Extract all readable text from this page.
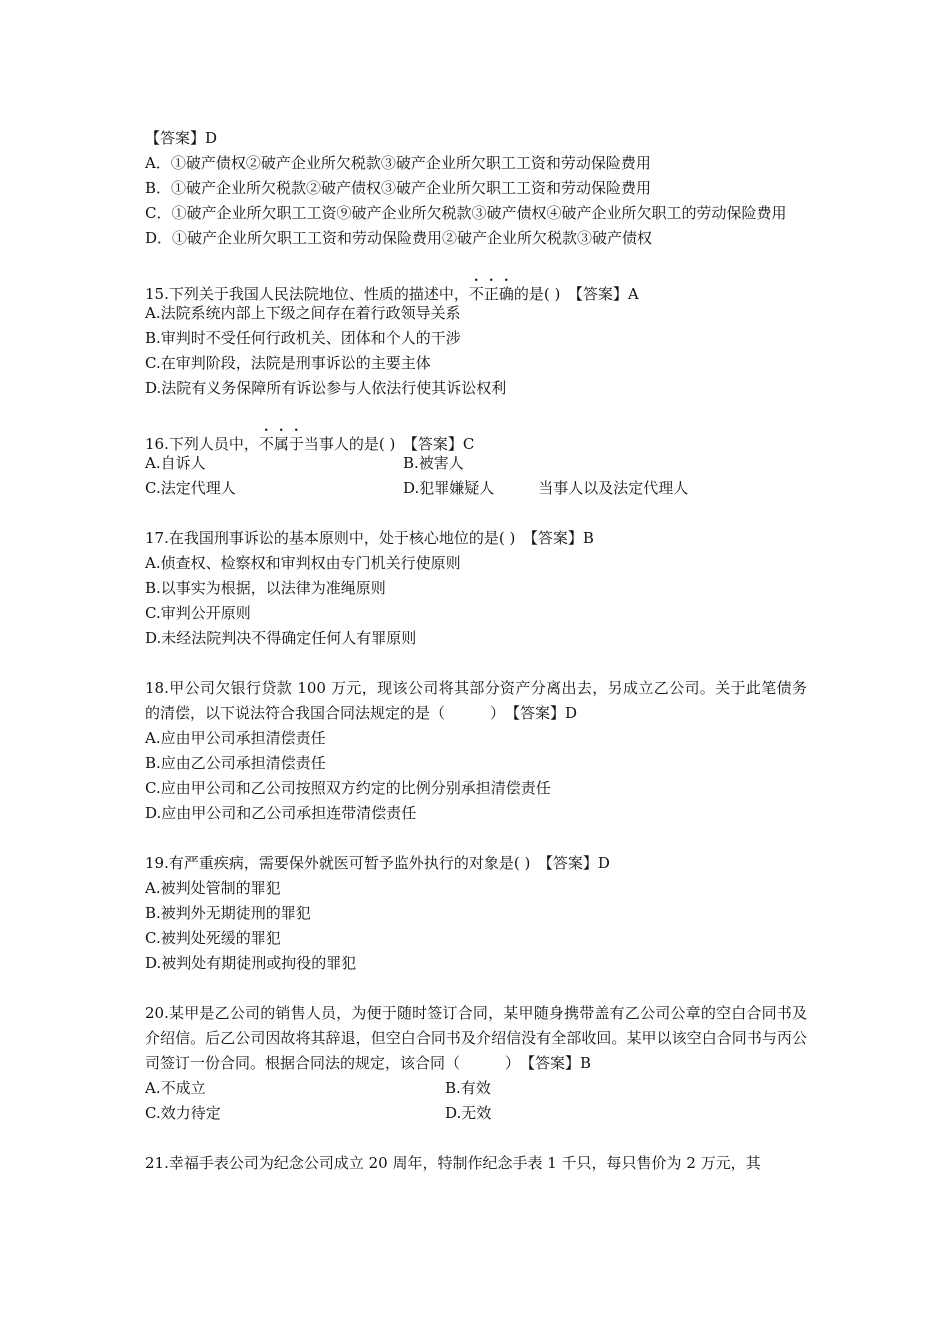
【答案】D
A．①破产债权②破产企业所欠税款③破产企业所欠职工工资和劳动保险费用
B．①破产企业所欠税款②破产债权③破产企业所欠职工工资和劳动保险费用
C．①破产企业所欠职工工资⑨破产企业所欠税款③破产债权④破产企业所欠职工的劳动保险费用
D．①破产企业所欠职工工资和劳动保险费用②破产企业所欠税款③破产债权
15.下列关于我国人民法院地位、性质的描述中，不正确的是( )　【答案】A
A.法院系统内部上下级之间存在着行政领导关系
B.审判时不受任何行政机关、团体和个人的干涉
C.在审判阶段，法院是刑事诉讼的主要主体
D.法院有义务保障所有诉讼参与人依法行使其诉讼权利
16.下列人员中，不属于当事人的是( )　【答案】C
A.自诉人	B.被害人
C.法定代理人	D.犯罪嫌疑人	当事人以及法定代理人
17.在我国刑事诉讼的基本原则中，处于核心地位的是( )　【答案】B
A.侦查权、检察权和审判权由专门机关行使原则
B.以事实为根据，以法律为准绳原则
C.审判公开原则
D.未经法院判决不得确定任何人有罪原则
18.甲公司欠银行贷款 100 万元，现该公司将其部分资产分离出去，另成立乙公司。关于此笔债务的清偿，以下说法符合我国合同法规定的是（　　　）　【答案】D
A.应由甲公司承担清偿责任
B.应由乙公司承担清偿责任
C.应由甲公司和乙公司按照双方约定的比例分别承担清偿责任
D.应由甲公司和乙公司承担连带清偿责任
19.有严重疾病，需要保外就医可暂予监外执行的对象是( )　【答案】D
A.被判处管制的罪犯
B.被判外无期徒刑的罪犯
C.被判处死缓的罪犯
D.被判处有期徒刑或拘役的罪犯
20.某甲是乙公司的销售人员，为便于随时签订合同，某甲随身携带盖有乙公司公章的空白合同书及介绍信。后乙公司因故将其辞退，但空白合同书及介绍信没有全部收回。某甲以该空白合同书与丙公司签订一份合同。根据合同法的规定，该合同（　　　）　【答案】B
A.不成立	B.有效
C.效力待定	D.无效
21.幸福手表公司为纪念公司成立 20 周年，特制作纪念手表 1 千只，每只售价为 2 万元，其
